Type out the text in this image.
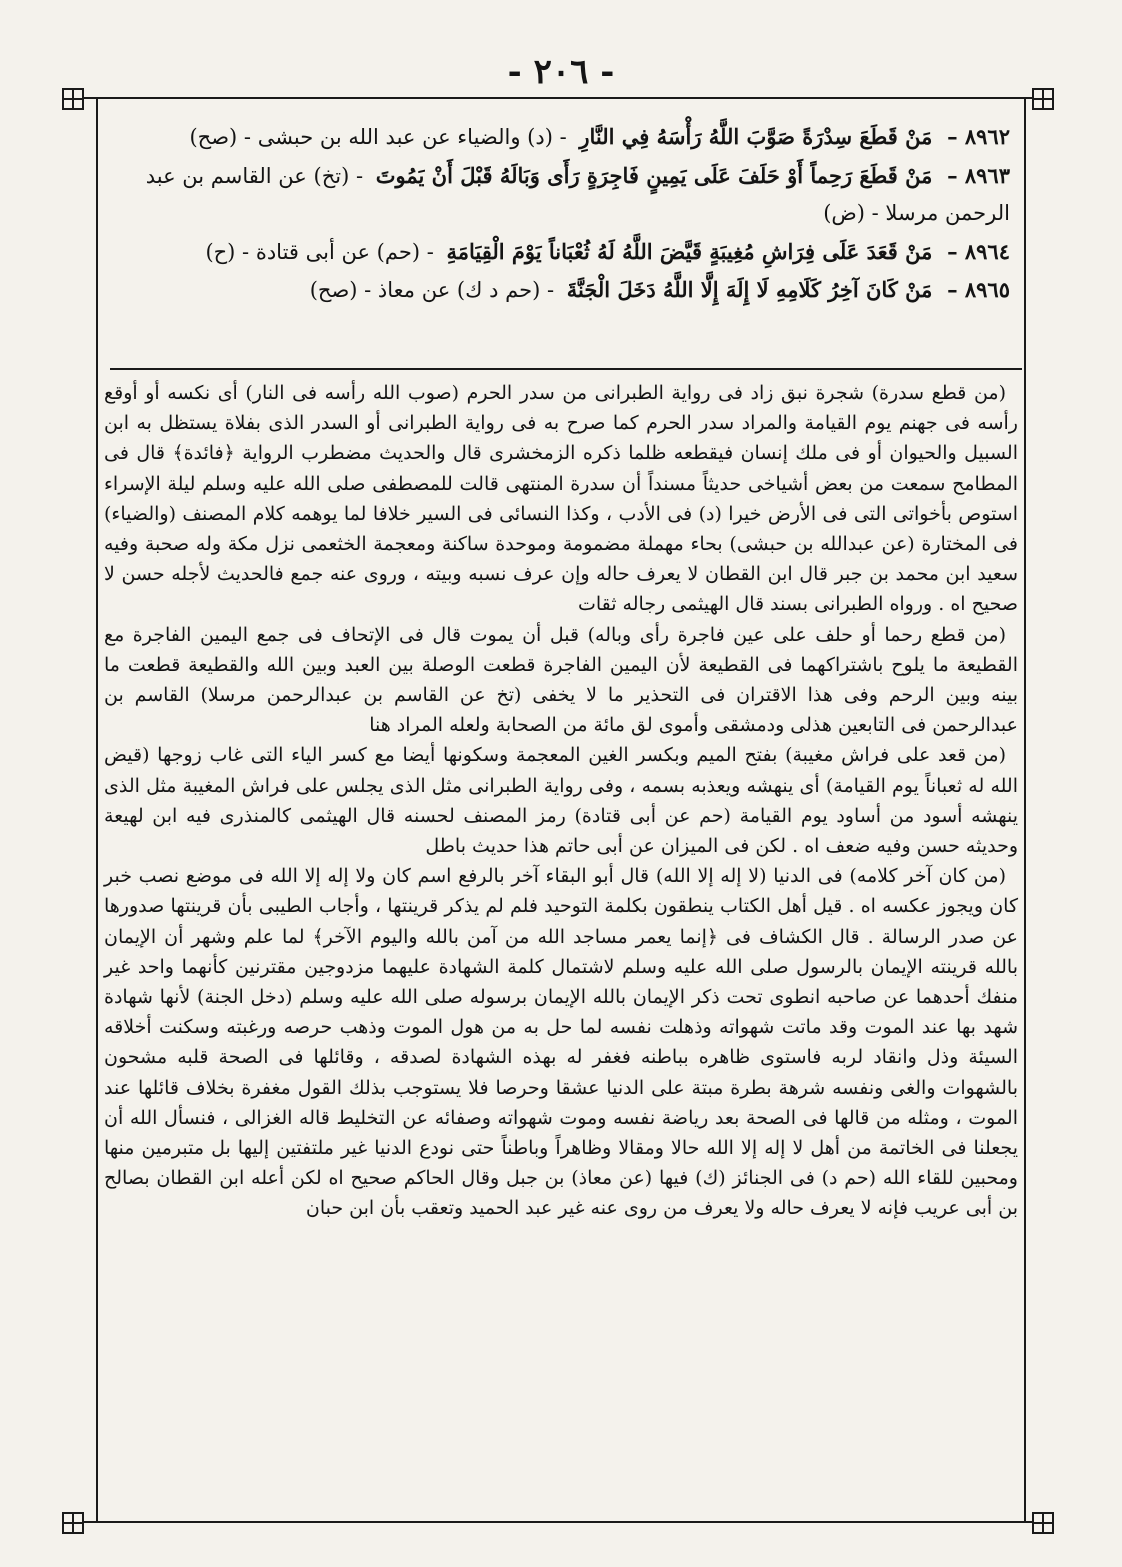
- ٢٠٦ -

٨٩٦٢ – مَنْ قَطَعَ سِدْرَةً صَوَّبَ اللَّهُ رَأْسَهُ فِي النَّارِ - (د) والضياء عن عبد الله بن حبشى - (صح)

٨٩٦٣ – مَنْ قَطَعَ رَحِماً أَوْ حَلَفَ عَلَى يَمِينٍ فَاجِرَةٍ رَأَى وَبَالَهُ قَبْلَ أَنْ يَمُوتَ - (تخ) عن القاسم بن عبد الرحمن مرسلا - (ض)

٨٩٦٤ – مَنْ قَعَدَ عَلَى فِرَاشِ مُغِيبَةٍ قَيَّضَ اللَّهُ لَهُ ثُعْبَاناً يَوْمَ الْقِيَامَةِ - (حم) عن أبى قتادة - (ح)

٨٩٦٥ – مَنْ كَانَ آخِرُ كَلَامِهِ لَا إِلَهَ إِلَّا اللَّهُ دَخَلَ الْجَنَّةَ - (حم د ك) عن معاذ - (صح)

(من قطع سدرة) شجرة نبق زاد فى رواية الطبرانى من سدر الحرم (صوب الله رأسه فى النار) أى نكسه أو أوقع رأسه فى جهنم يوم القيامة والمراد سدر الحرم كما صرح به فى رواية الطبرانى أو السدر الذى بفلاة يستظل به ابن السبيل والحيوان أو فى ملك إنسان فيقطعه ظلما ذكره الزمخشرى قال والحديث مضطرب الرواية ﴿فائدة﴾ قال فى المطامح سمعت من بعض أشياخى حديثاً مسنداً أن سدرة المنتهى قالت للمصطفى صلى الله عليه وسلم ليلة الإسراء استوص بأخواتى التى فى الأرض خيرا (د) فى الأدب ، وكذا النسائى فى السير خلافا لما يوهمه كلام المصنف (والضياء) فى المختارة (عن عبدالله بن حبشى) بحاء مهملة مضمومة وموحدة ساكنة ومعجمة الخثعمى نزل مكة وله صحبة وفيه سعيد ابن محمد بن جبر قال ابن القطان لا يعرف حاله وإن عرف نسبه وبيته ، وروى عنه جمع فالحديث لأجله حسن لا صحيح اه . ورواه الطبرانى بسند قال الهيثمى رجاله ثقات

(من قطع رحما أو حلف على عين فاجرة رأى وباله) قبل أن يموت قال فى الإتحاف فى جمع اليمين الفاجرة مع القطيعة ما يلوح باشتراكهما فى القطيعة لأن اليمين الفاجرة قطعت الوصلة بين العبد وبين الله والقطيعة قطعت ما بينه وبين الرحم وفى هذا الاقتران فى التحذير ما لا يخفى (تخ عن القاسم بن عبدالرحمن مرسلا) القاسم بن عبدالرحمن فى التابعين هذلى ودمشقى وأموى لق مائة من الصحابة ولعله المراد هنا

(من قعد على فراش مغيبة) بفتح الميم وبكسر الغين المعجمة وسكونها أيضا مع كسر الياء التى غاب زوجها (قيض الله له ثعباناً يوم القيامة) أى ينهشه ويعذبه بسمه ، وفى رواية الطبرانى مثل الذى يجلس على فراش المغيبة مثل الذى ينهشه أسود من أساود يوم القيامة (حم عن أبى قتادة) رمز المصنف لحسنه قال الهيثمى كالمنذرى فيه ابن لهيعة وحديثه حسن وفيه ضعف اه . لكن فى الميزان عن أبى حاتم هذا حديث باطل

(من كان آخر كلامه) فى الدنيا (لا إله إلا الله) قال أبو البقاء آخر بالرفع اسم كان ولا إله إلا الله فى موضع نصب خبر كان ويجوز عكسه اه . قيل أهل الكتاب ينطقون بكلمة التوحيد فلم لم يذكر قرينتها ، وأجاب الطيبى بأن قرينتها صدورها عن صدر الرسالة . قال الكشاف فى ﴿إنما يعمر مساجد الله من آمن بالله واليوم الآخر﴾ لما علم وشهر أن الإيمان بالله قرينته الإيمان بالرسول صلى الله عليه وسلم لاشتمال كلمة الشهادة عليهما مزدوجين مقترنين كأنهما واحد غير منفك أحدهما عن صاحبه انطوى تحت ذكر الإيمان بالله الإيمان برسوله صلى الله عليه وسلم (دخل الجنة) لأنها شهادة شهد بها عند الموت وقد ماتت شهواته وذهلت نفسه لما حل به من هول الموت وذهب حرصه ورغبته وسكنت أخلاقه السيئة وذل وانقاد لربه فاستوى ظاهره بباطنه فغفر له بهذه الشهادة لصدقه ، وقائلها فى الصحة قلبه مشحون بالشهوات والغى ونفسه شرهة بطرة مبتة على الدنيا عشقا وحرصا فلا يستوجب بذلك القول مغفرة بخلاف قائلها عند الموت ، ومثله من قالها فى الصحة بعد رياضة نفسه وموت شهواته وصفائه عن التخليط قاله الغزالى ، فنسأل الله أن يجعلنا فى الخاتمة من أهل لا إله إلا الله حالا ومقالا وظاهراً وباطناً حتى نودع الدنيا غير ملتفتين إليها بل متبرمين منها ومحبين للقاء الله (حم د) فى الجنائز (ك) فيها (عن معاذ) بن جبل وقال الحاكم صحيح اه لكن أعله ابن القطان بصالح بن أبى عريب فإنه لا يعرف حاله ولا يعرف من روى عنه غير عبد الحميد وتعقب بأن ابن حبان
